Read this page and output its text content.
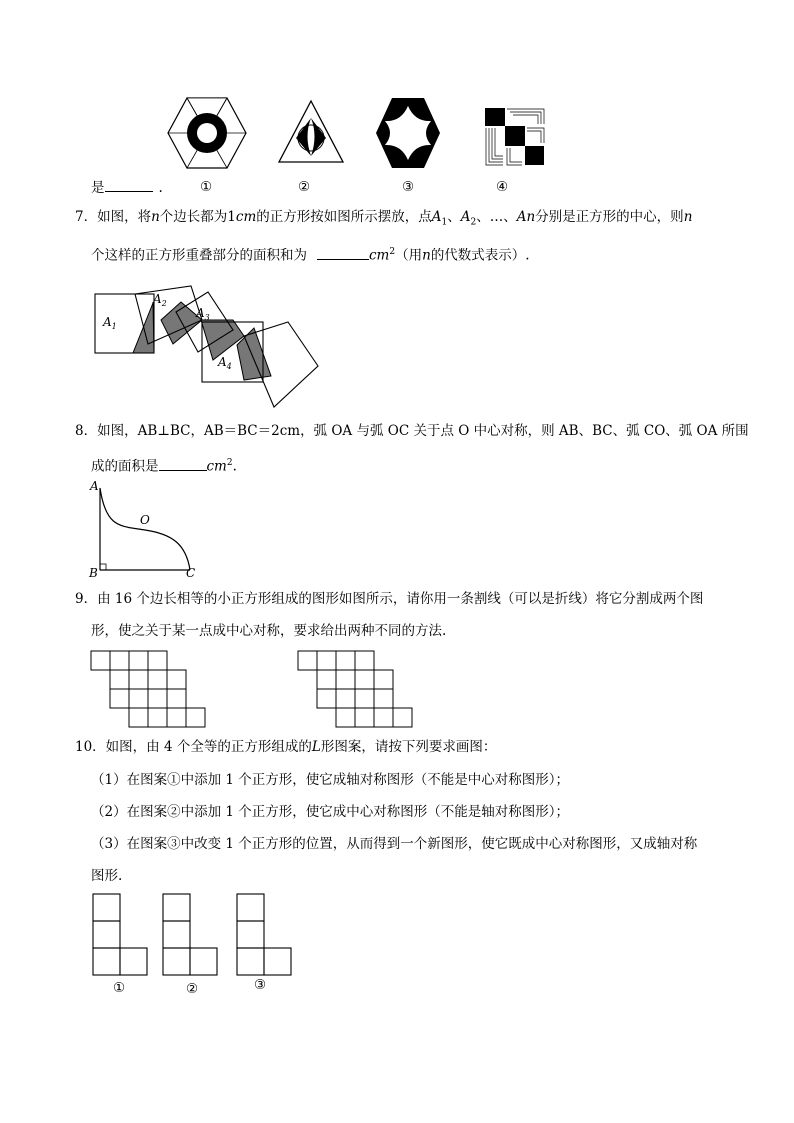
是	.	①	②	③	④
7．如图，将n个边长都为1cm的正方形按如图所示摆放，点$A_1$、$A_2$、…、An分别是正方形的中心，则n
个这样的正方形重叠部分的面积和为	$cm^2$（用n的代数式表示）.
$A_1$
$A_2$
$A_3$
$A_4$
8．如图，AB⊥BC，AB＝BC＝2cm，弧 OA 与弧 OC 关于点 O 中心对称，则 AB、BC、弧 CO、弧 OA 所围
成的面积是	$cm^2$.
A
O
B	C
9．由 16 个边长相等的小正方形组成的图形如图所示，请你用一条割线（可以是折线）将它分割成两个图
形，使之关于某一点成中心对称，要求给出两种不同的方法.
10．如图，由 4 个全等的正方形组成的L形图案，请按下列要求画图：
（1）在图案①中添加 1 个正方形，使它成轴对称图形（不能是中心对称图形）；
（2）在图案②中添加 1 个正方形，使它成中心对称图形（不能是轴对称图形）；
（3）在图案③中改变 1 个正方形的位置，从而得到一个新图形，使它既成中心对称图形，又成轴对称
图形.
①	②	③
